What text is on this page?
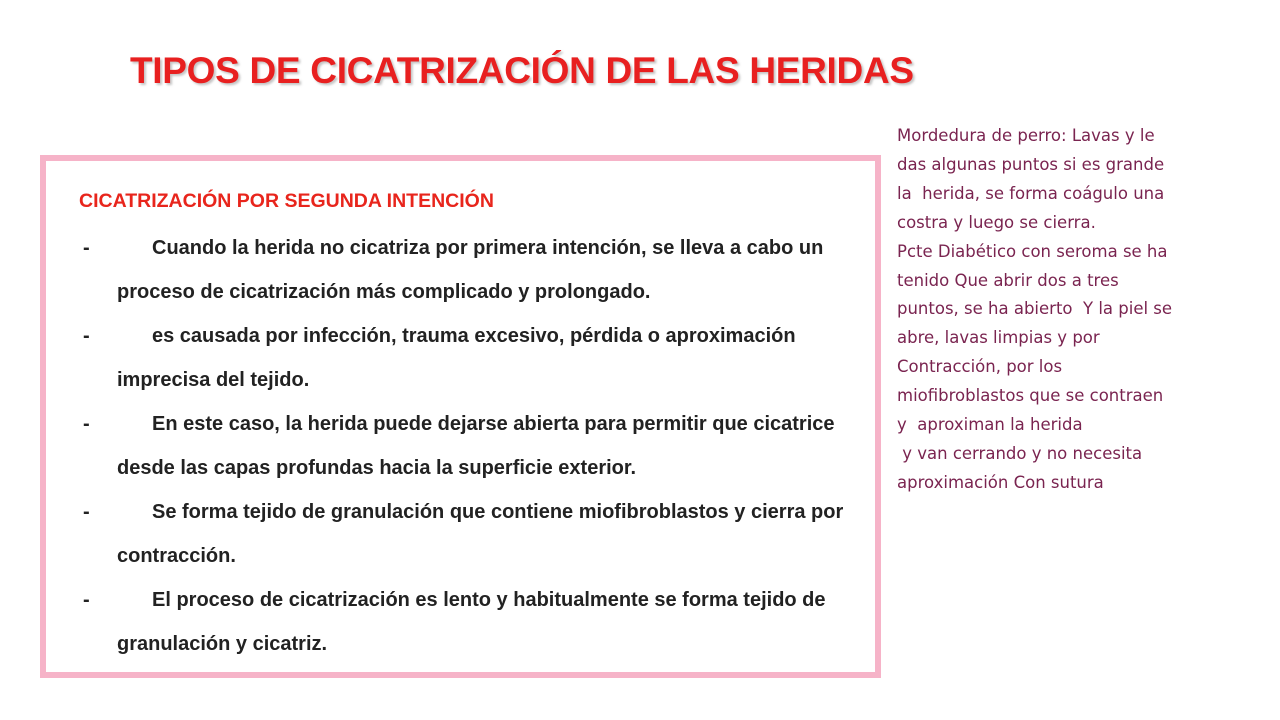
TIPOS DE CICATRIZACIÓN DE LAS HERIDAS
CICATRIZACIÓN POR SEGUNDA INTENCIÓN
-	Cuando la herida no cicatriza por primera intención, se lleva a cabo un proceso de cicatrización más complicado y prolongado.
-	es causada por infección, trauma excesivo, pérdida o aproximación imprecisa del tejido.
-	En este caso, la herida puede dejarse abierta para permitir que cicatrice desde las capas profundas hacia la superficie exterior.
-	Se forma tejido de granulación que contiene miofibroblastos y cierra por contracción.
-	El proceso de cicatrización es lento y habitualmente se forma tejido de granulación y cicatriz.
Mordedura de perro: Lavas y le
das algunas puntos si es grande
la  herida, se forma coágulo una
costra y luego se cierra.
Pcte Diabético con seroma se ha
tenido Que abrir dos a tres
puntos, se ha abierto  Y la piel se
abre, lavas limpias y por
Contracción, por los
miofibroblastos que se contraen
y  aproximan la herida
y van cerrando y no necesita
aproximación Con sutura
